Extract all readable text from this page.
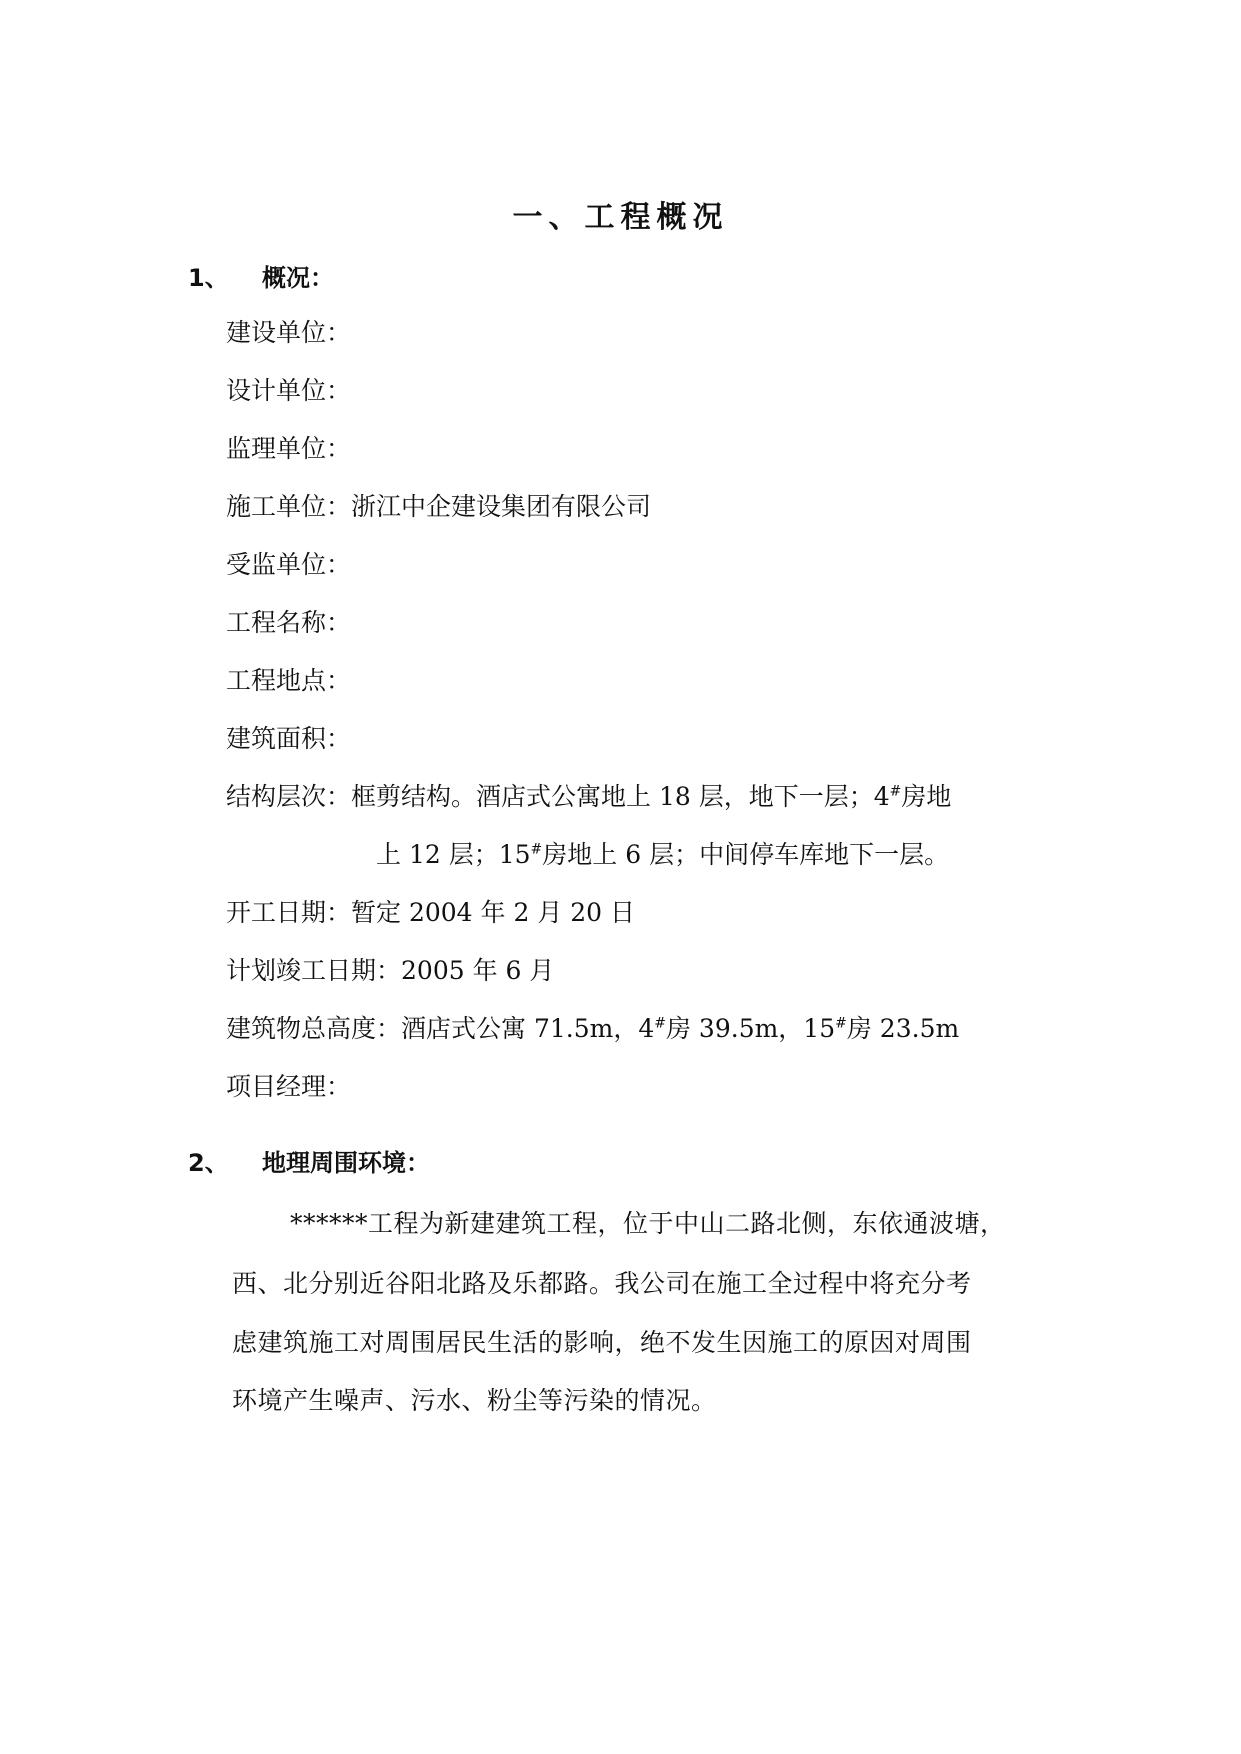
一、工程概况
1、 概况：
建设单位：
设计单位：
监理单位：
施工单位：浙江中企建设集团有限公司
受监单位：
工程名称：
工程地点：
建筑面积：
结构层次：框剪结构。酒店式公寓地上 18 层，地下一层；4#房地
上 12 层；15#房地上 6 层；中间停车库地下一层。
开工日期：暂定 2004 年 2 月 20 日
计划竣工日期：2005 年 6 月
建筑物总高度：酒店式公寓 71.5m，4#房 39.5m，15#房 23.5m
项目经理：
2、 地理周围环境：
******工程为新建建筑工程，位于中山二路北侧，东依通波塘，
西、北分别近谷阳北路及乐都路。我公司在施工全过程中将充分考
虑建筑施工对周围居民生活的影响，绝不发生因施工的原因对周围
环境产生噪声、污水、粉尘等污染的情况。
